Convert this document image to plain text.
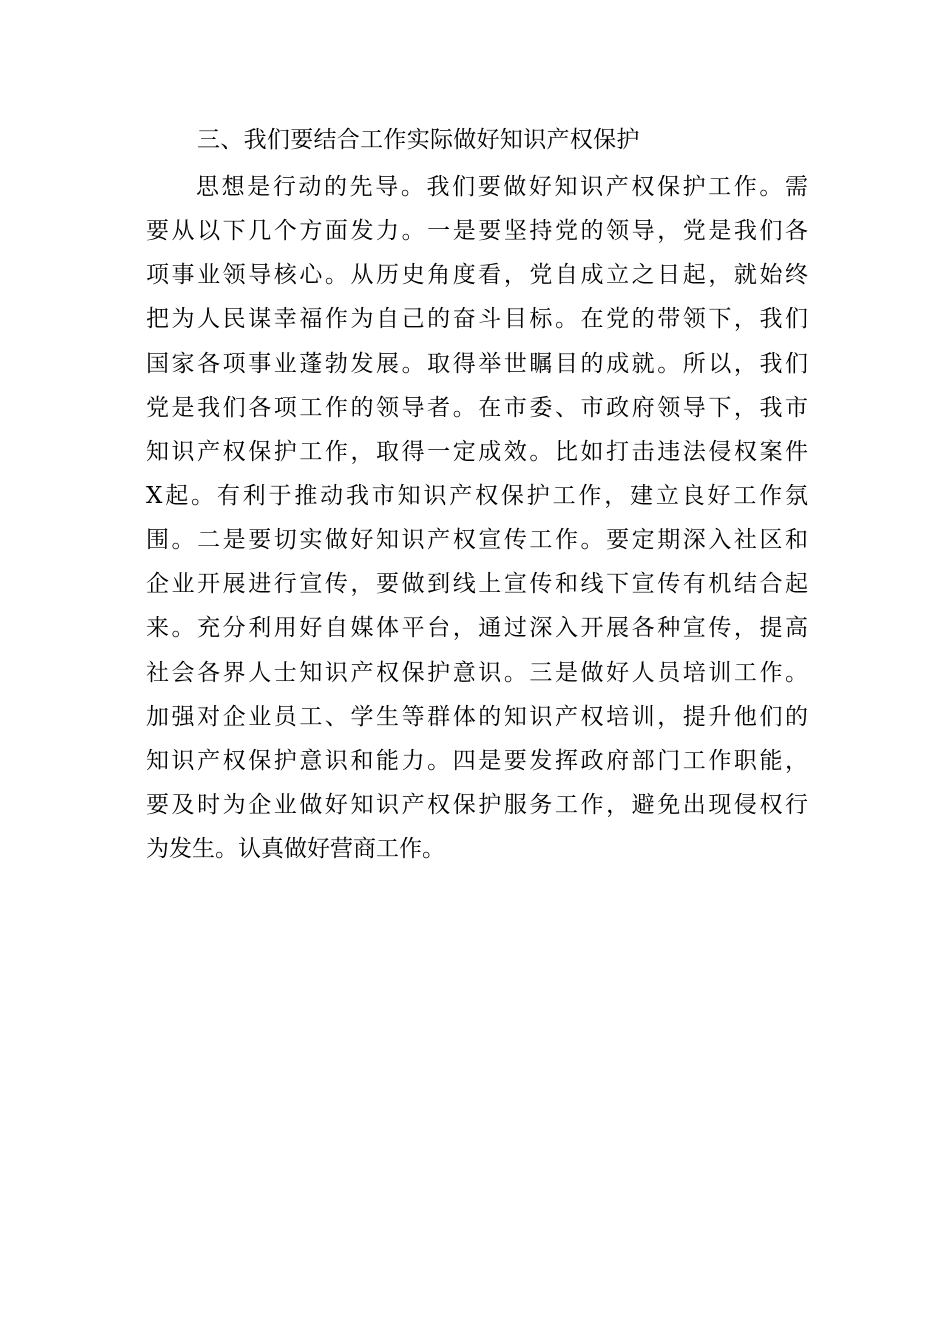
三、我们要结合工作实际做好知识产权保护
思想是行动的先导。我们要做好知识产权保护工作。需
要从以下几个方面发力。一是要坚持党的领导，党是我们各
项事业领导核心。从历史角度看，党自成立之日起，就始终
把为人民谋幸福作为自己的奋斗目标。在党的带领下，我们
国家各项事业蓬勃发展。取得举世瞩目的成就。所以，我们
党是我们各项工作的领导者。在市委、市政府领导下，我市
知识产权保护工作，取得一定成效。比如打击违法侵权案件
X起。有利于推动我市知识产权保护工作，建立良好工作氛
围。二是要切实做好知识产权宣传工作。要定期深入社区和
企业开展进行宣传，要做到线上宣传和线下宣传有机结合起
来。充分利用好自媒体平台，通过深入开展各种宣传，提高
社会各界人士知识产权保护意识。三是做好人员培训工作。
加强对企业员工、学生等群体的知识产权培训，提升他们的
知识产权保护意识和能力。四是要发挥政府部门工作职能，
要及时为企业做好知识产权保护服务工作，避免出现侵权行
为发生。认真做好营商工作。
